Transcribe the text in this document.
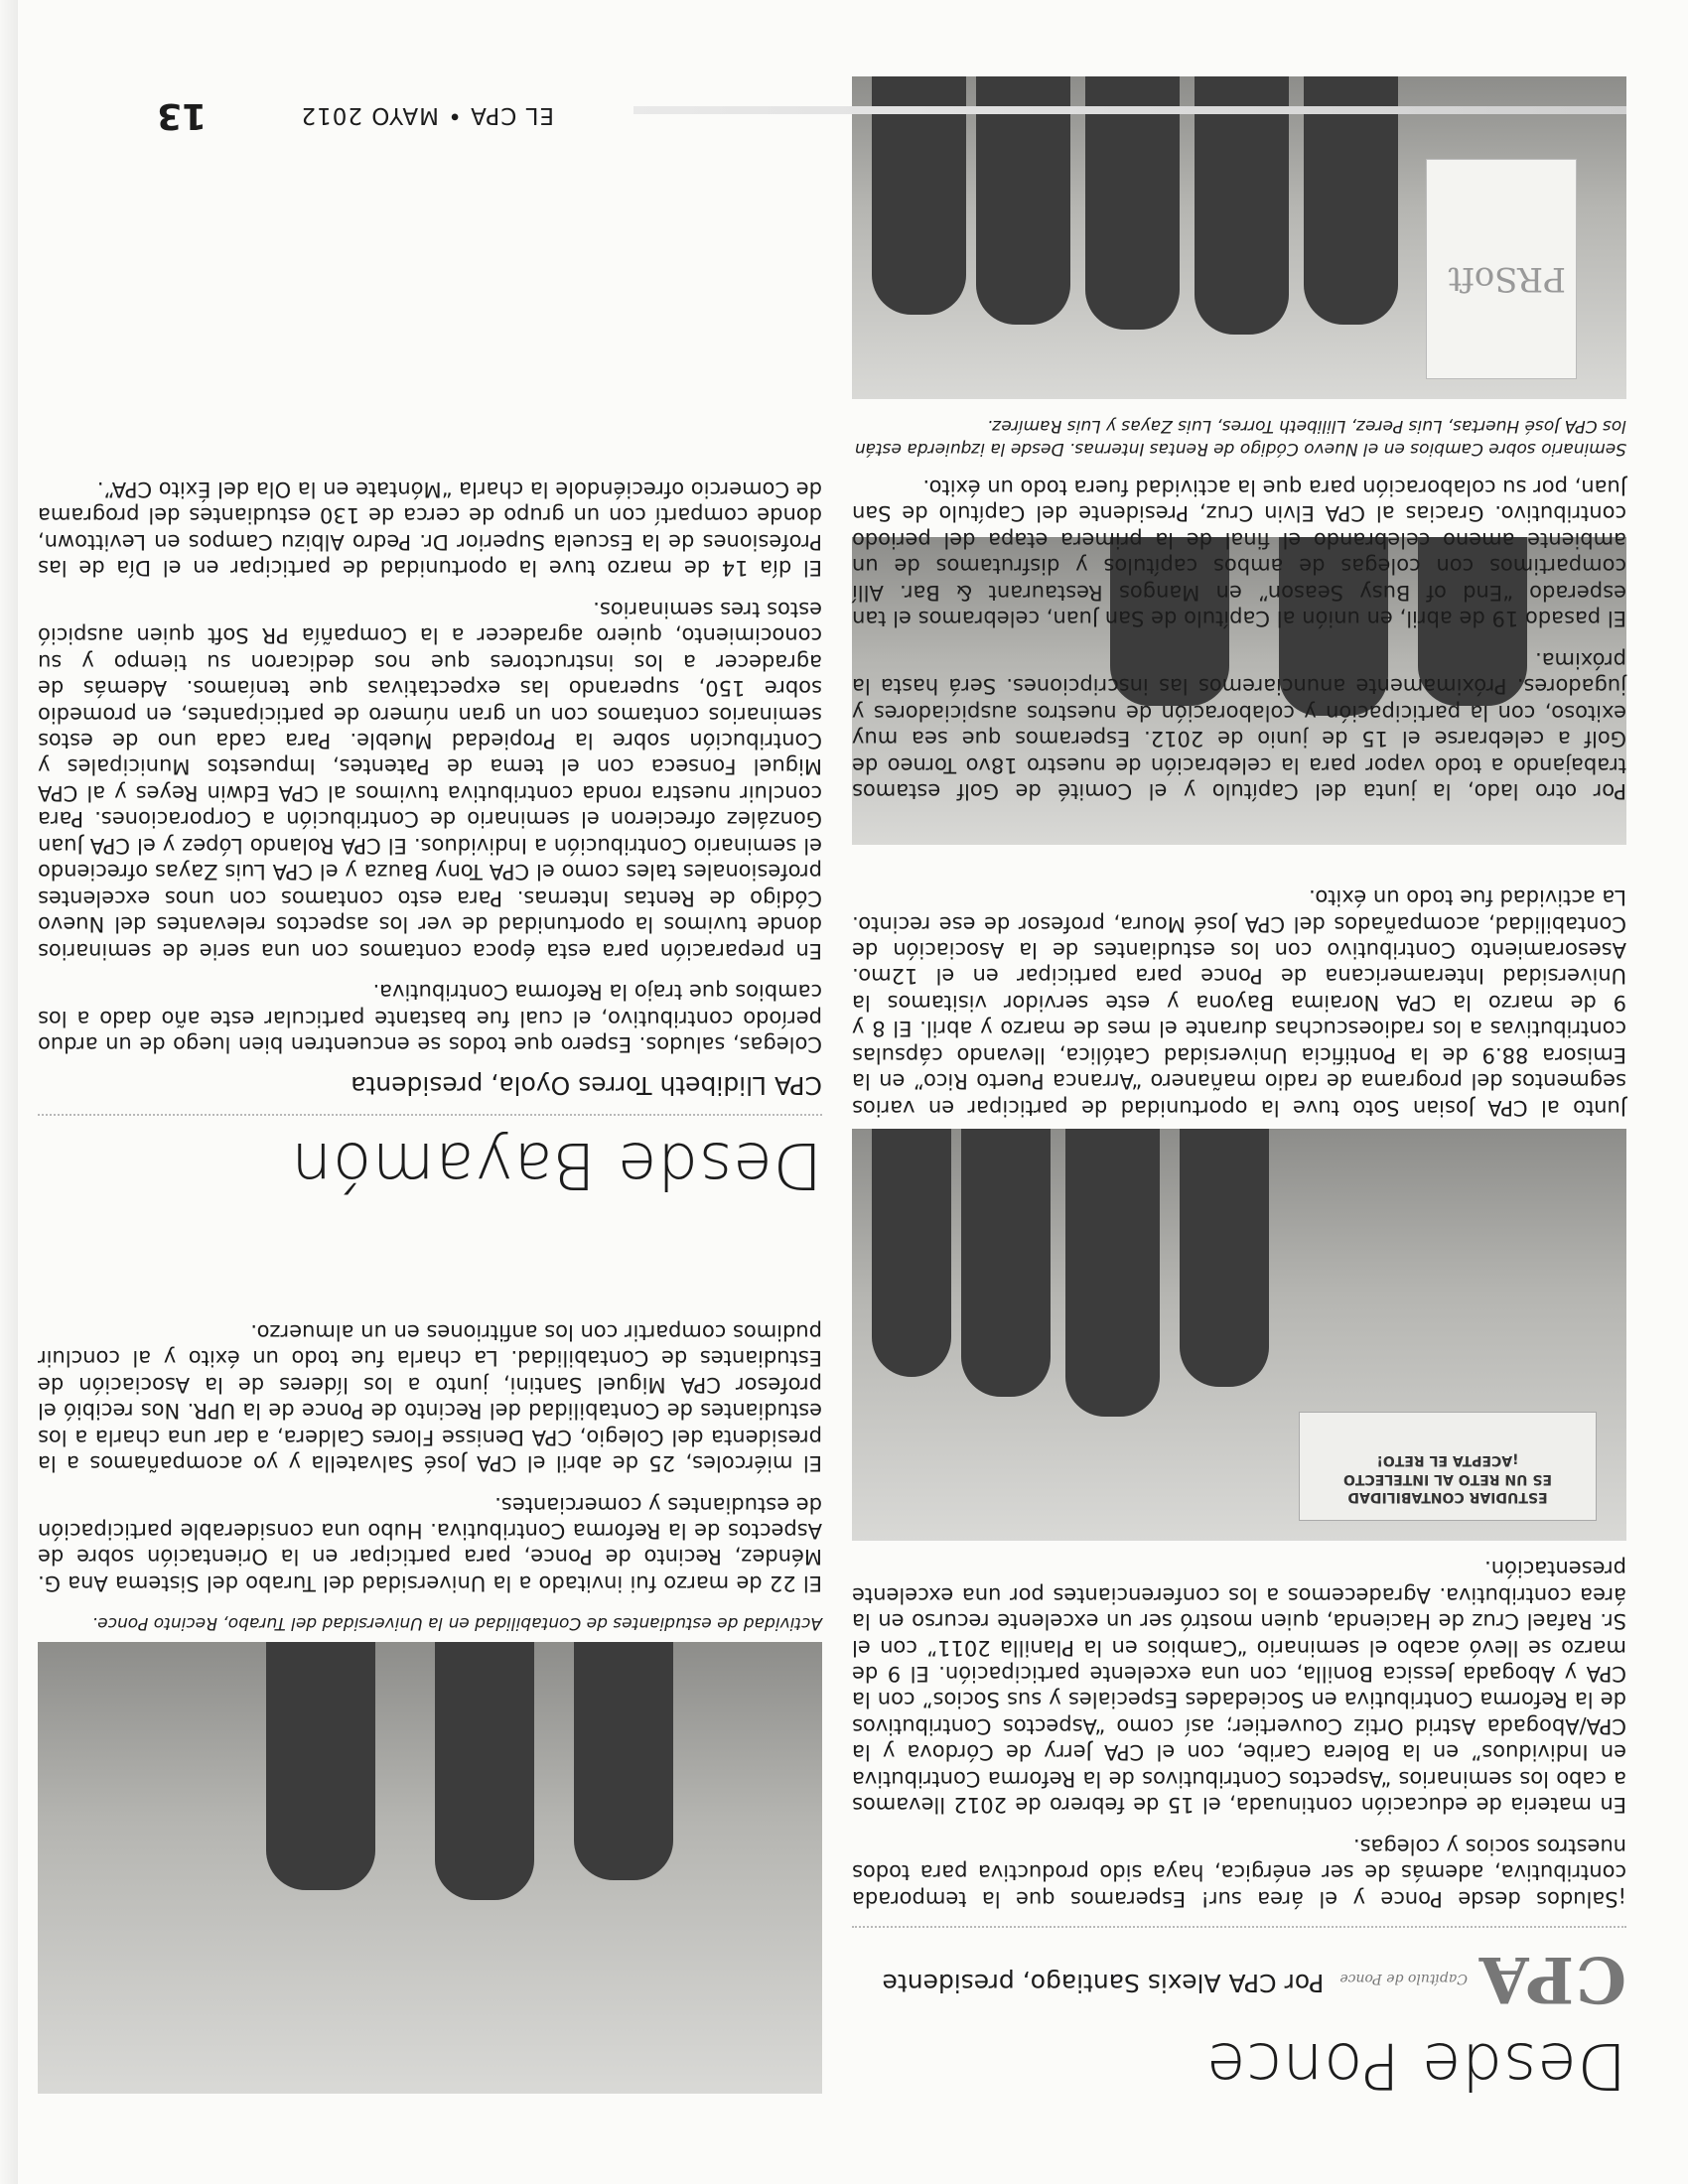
Desde Ponce
CPA
Capítulo de Ponce
Por CPA Alexis Santiago, presidente

¡Saludos desde Ponce y el área sur! Esperamos que la temporada contributiva, además de ser enérgica, haya sido productiva para todos nuestros socios y colegas.

En materia de educación continuada, el 15 de febrero de 2012 llevamos a cabo los seminarios “Aspectos Contributivos de la Reforma Contributiva en Individuos” en la Bolera Caribe, con el CPA Jerry de Córdova y la CPA/Abogada Astrid Ortiz Couvertier; así como “Aspectos Contributivos de la Reforma Contributiva en Sociedades Especiales y sus Socios” con la CPA y Abogada Jessica Bonilla, con una excelente participación. El 9 de marzo se llevó acabo el seminario “Cambios en la Planilla 2011” con el Sr. Rafael Cruz de Hacienda, quien mostró ser un excelente recurso en la área contributiva. Agradecemos a los conferenciantes por una excelente presentación.

ESTUDIAR CONTABILIDAD
ES UN RETO AL INTELECTO
¡ACEPTA EL RETO!

Junto al CPA Josian Soto tuve la oportunidad de participar en varios segmentos del programa de radio mañanero “Arranca Puerto Rico” en la Emisora 88.9 de la Pontificia Universidad Católica, llevando cápsulas contributivas a los radioescuchas durante el mes de marzo y abril. El 8 y 9 de marzo la CPA Noraima Bayona y este servidor visitamos la Universidad Interamericana de Ponce para participar en el 12mo. Asesoramiento Contributivo con los estudiantes de la Asociación de Contabilidad, acompañados del CPA José Moura, profesor de ese recinto. La actividad fue todo un éxito.

Actividad de estudiantes de Contabilidad en la Universidad del Turabo, Recinto Ponce.

El 22 de marzo fui invitado a la Universidad del Turabo del Sistema Ana G. Méndez, Recinto de Ponce, para participar en la Orientación sobre de Aspectos de la Reforma Contributiva. Hubo una considerable participación de estudiantes y comerciantes.

El miércoles, 25 de abril el CPA José Salvatella y yo acompañamos a la presidenta del Colegio, CPA Denisse Flores Caldera, a dar una charla a los estudiantes de Contabilidad del Recinto de Ponce de la UPR. Nos recibió el profesor CPA Miguel Santini, junto a los líderes de la Asociación de Estudiantes de Contabilidad. La charla fue todo un éxito y al concluir pudimos compartir con los anfitriones en un almuerzo.

Desde Bayamón
CPA Llidibeth Torres Oyola, presidenta

Colegas, saludos. Espero que todos se encuentren bien luego de un arduo período contributivo, el cual fue bastante particular este año dado a los cambios que trajo la Reforma Contributiva.

En preparación para esta época contamos con una serie de seminarios donde tuvimos la oportunidad de ver los aspectos relevantes del Nuevo Código de Rentas Internas. Para esto contamos con unos excelentes profesionales tales como el CPA Tony Bauza y el CPA Luis Zayas ofreciendo el seminario Contribución a Individuos. El CPA Rolando López y el CPA Juan González ofrecieron el seminario de Contribución a Corporaciones. Para concluir nuestra ronda contributiva tuvimos al CPA Edwin Reyes y al CPA Miguel Fonseca con el tema de Patentes, Impuestos Municipales y Contribución sobre la Propiedad Mueble. Para cada uno de estos seminarios contamos con un gran número de participantes, en promedio sobre 150, superando las expectativas que teníamos. Además de agradecer a los instructores que nos dedicaron su tiempo y su conocimiento, quiero agradecer a la Compañía PR Soft quien auspició estos tres seminarios.

El día 14 de marzo tuve la oportunidad de participar en el Día de las Profesiones de la Escuela Superior Dr. Pedro Albizu Campos en Levittown, donde compartí con un grupo de cerca de 130 estudiantes del programa de Comercio ofreciéndole la charla “Móntate en la Ola del Éxito CPA”.

Por otro lado, la junta del Capítulo y el Comité de Golf estamos trabajando a todo vapor para la celebración de nuestro 18vo Torneo de Golf a celebrarse el 15 de junio de 2012. Esperamos que sea muy exitoso, con la participación y colaboración de nuestros auspiciadores y jugadores. Próximamente anunciaremos las inscripciones. Será hasta la próxima.

El pasado 19 de abril, en unión al Capítulo de San Juan, celebramos el tan esperado “End of Busy Season” en Mangos Restaurant & Bar. Allí compartimos con colegas de ambos capítulos y disfrutamos de un ambiente ameno celebrando el final de la primera etapa del periodo contributivo. Gracias al CPA Elvin Cruz, Presidente del Capítulo de San Juan, por su colaboración para que la actividad fuera todo un éxito.

Seminario sobre Cambios en el Nuevo Código de Rentas Internas. Desde la izquierda están los CPA José Huertas, Luis Perez, Llilibeth Torres, Luis Zayas y Luis Ramírez.

PRSoft
EL CPA • MAYO 2012
13
